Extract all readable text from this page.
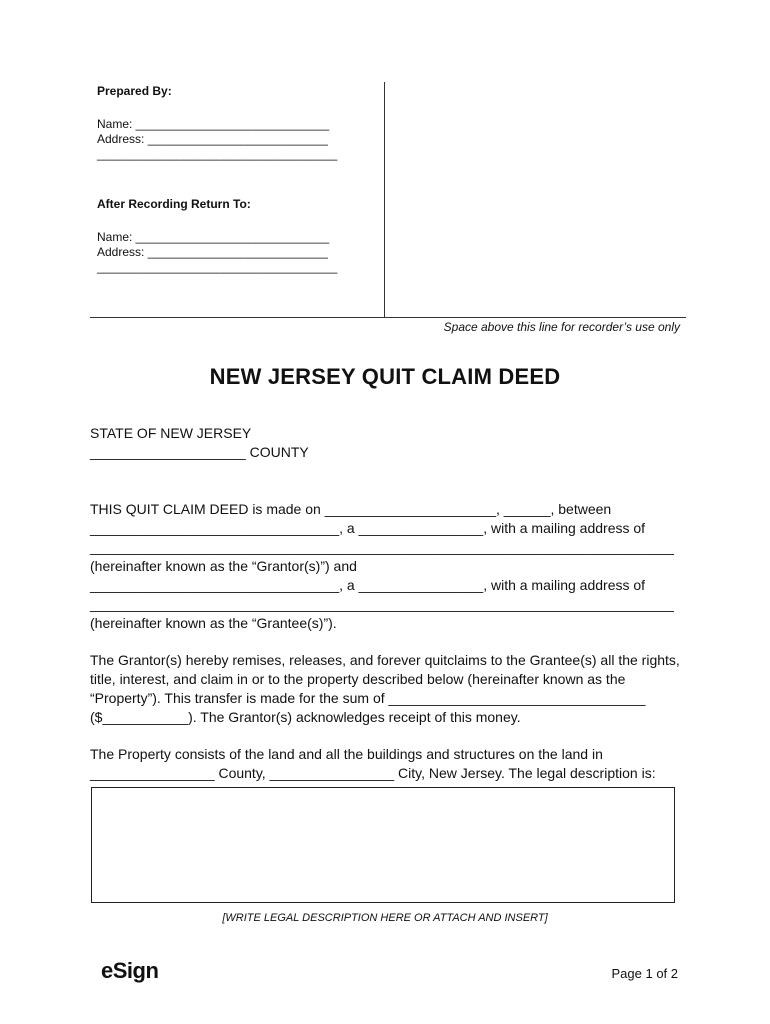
Prepared By:
Name: _____________________________
Address: ___________________________
____________________________________
After Recording Return To:
Name: _____________________________
Address: ___________________________
____________________________________
Space above this line for recorder’s use only
NEW JERSEY QUIT CLAIM DEED
STATE OF NEW JERSEY
____________________ COUNTY
THIS QUIT CLAIM DEED is made on ______________________, ______, between
________________________________, a ________________, with a mailing address of
___________________________________________________________________________
(hereinafter known as the “Grantor(s)”) and
________________________________, a ________________, with a mailing address of
___________________________________________________________________________
(hereinafter known as the “Grantee(s)”).
The Grantor(s) hereby remises, releases, and forever quitclaims to the Grantee(s) all the rights,
title, interest, and claim in or to the property described below (hereinafter known as the
“Property”). This transfer is made for the sum of _________________________________
($___________). The Grantor(s) acknowledges receipt of this money.
The Property consists of the land and all the buildings and structures on the land in
________________ County, ________________ City, New Jersey. The legal description is:
[WRITE LEGAL DESCRIPTION HERE OR ATTACH AND INSERT]
eSign	Page 1 of 2
